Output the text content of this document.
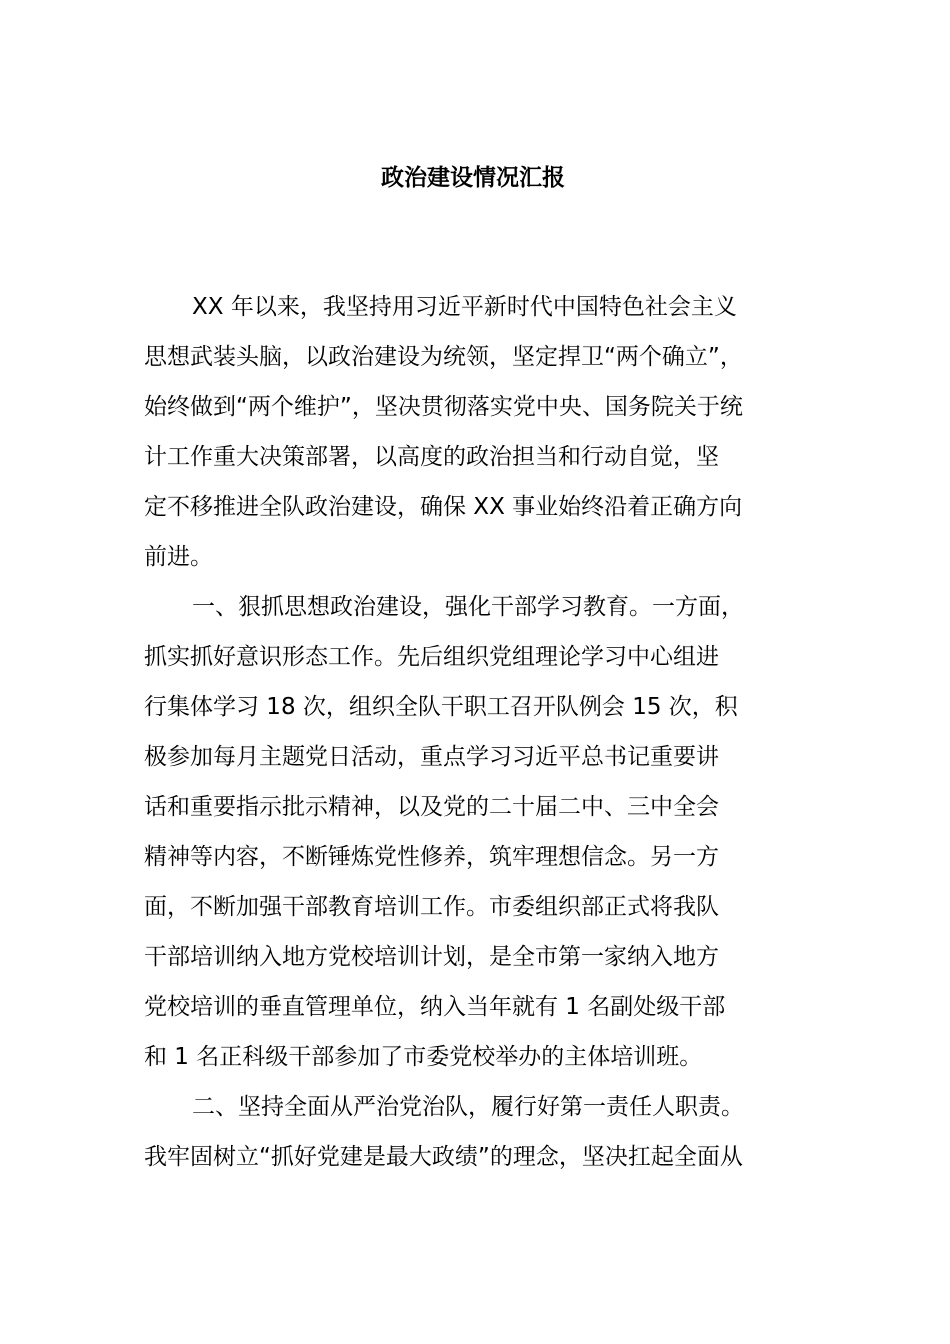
政治建设情况汇报

XX 年以来，我坚持用习近平新时代中国特色社会主义
思想武装头脑，以政治建设为统领，坚定捍卫“两个确立”，
始终做到“两个维护”，坚决贯彻落实党中央、国务院关于统
计工作重大决策部署，以高度的政治担当和行动自觉，坚
定不移推进全队政治建设，确保 XX 事业始终沿着正确方向
前进。

一、狠抓思想政治建设，强化干部学习教育。一方面，
抓实抓好意识形态工作。先后组织党组理论学习中心组进
行集体学习 18 次，组织全队干职工召开队例会 15 次，积
极参加每月主题党日活动，重点学习习近平总书记重要讲
话和重要指示批示精神，以及党的二十届二中、三中全会
精神等内容，不断锤炼党性修养，筑牢理想信念。另一方
面，不断加强干部教育培训工作。市委组织部正式将我队
干部培训纳入地方党校培训计划，是全市第一家纳入地方
党校培训的垂直管理单位，纳入当年就有 1 名副处级干部
和 1 名正科级干部参加了市委党校举办的主体培训班。

二、坚持全面从严治党治队，履行好第一责任人职责。
我牢固树立“抓好党建是最大政绩”的理念，坚决扛起全面从
